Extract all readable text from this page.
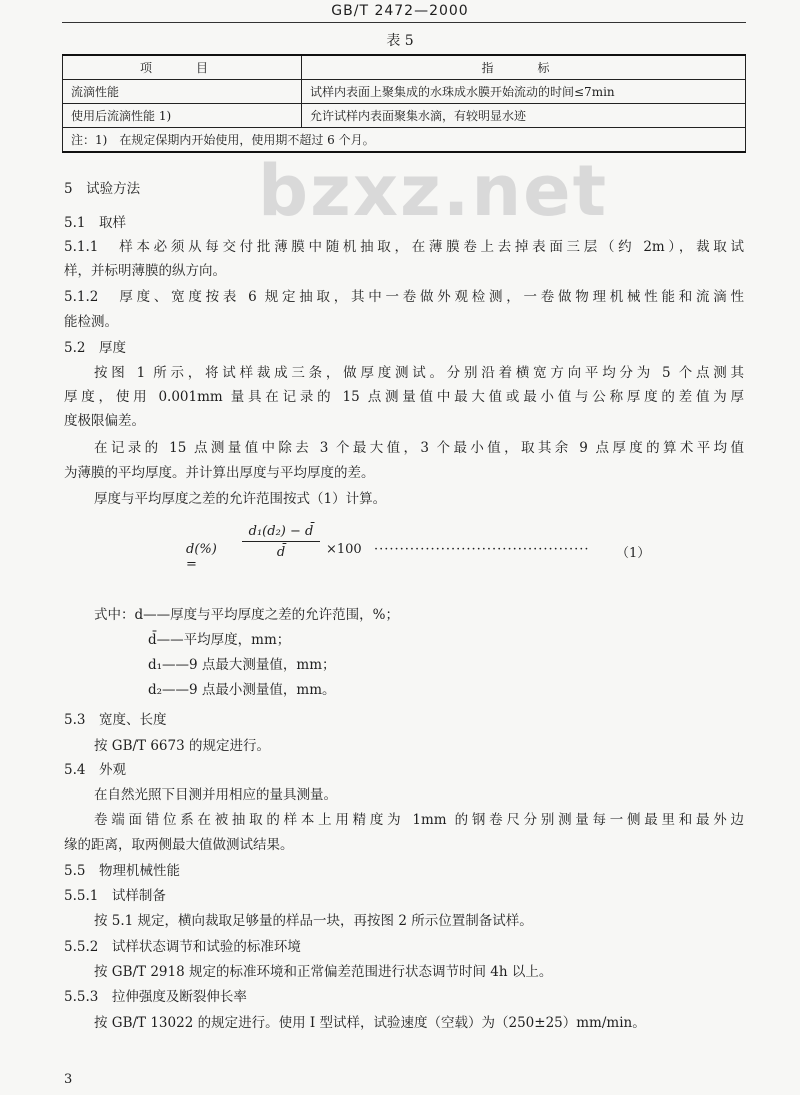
GB/T 2472—2000
表 5
项　目	指　标
流滴性能	试样内表面上聚集成的水珠成水膜开始流动的时间≤7min
使用后流滴性能 1)	允许试样内表面聚集水滴，有较明显水迹
注：1)　在规定保期内开始使用，使用期不超过 6 个月。	
bzxz.net
5　试验方法
5.1　取样
5.1.1　样本必须从每交付批薄膜中随机抽取，在薄膜卷上去掉表面三层（约 2m），裁取试
样，并标明薄膜的纵方向。
5.1.2　厚度、宽度按表 6 规定抽取，其中一卷做外观检测，一卷做物理机械性能和流滴性
能检测。
5.2　厚度
按图 1 所示，将试样裁成三条，做厚度测试。分别沿着横宽方向平均分为 5 个点测其
厚度，使用 0.001mm 量具在记录的 15 点测量值中最大值或最小值与公称厚度的差值为厚
度极限偏差。
在记录的 15 点测量值中除去 3 个最大值，3 个最小值，取其余 9 点厚度的算术平均值
为薄膜的平均厚度。并计算出厚度与平均厚度的差。
厚度与平均厚度之差的允许范围按式（1）计算。
d(%) =
$\frac{\text{d₁(d₂) − d̄}}{d̄} \times 100$ ··········································	（1）
式中：d——厚度与平均厚度之差的允许范围，%；
d̄——平均厚度，mm；
d₁——9 点最大测量值，mm；
d₂——9 点最小测量值，mm。
5.3　宽度、长度
按 GB/T 6673 的规定进行。
5.4　外观
在自然光照下目测并用相应的量具测量。
卷端面错位系在被抽取的样本上用精度为 1mm 的钢卷尺分别测量每一侧最里和最外边
缘的距离，取两侧最大值做测试结果。
5.5　物理机械性能
5.5.1　试样制备
按 5.1 规定，横向裁取足够量的样品一块，再按图 2 所示位置制备试样。
5.5.2　试样状态调节和试验的标准环境
按 GB/T 2918 规定的标准环境和正常偏差范围进行状态调节时间 4h 以上。
5.5.3　拉伸强度及断裂伸长率
按 GB/T 13022 的规定进行。使用 I 型试样，试验速度（空载）为（250±25）mm/min。
3
